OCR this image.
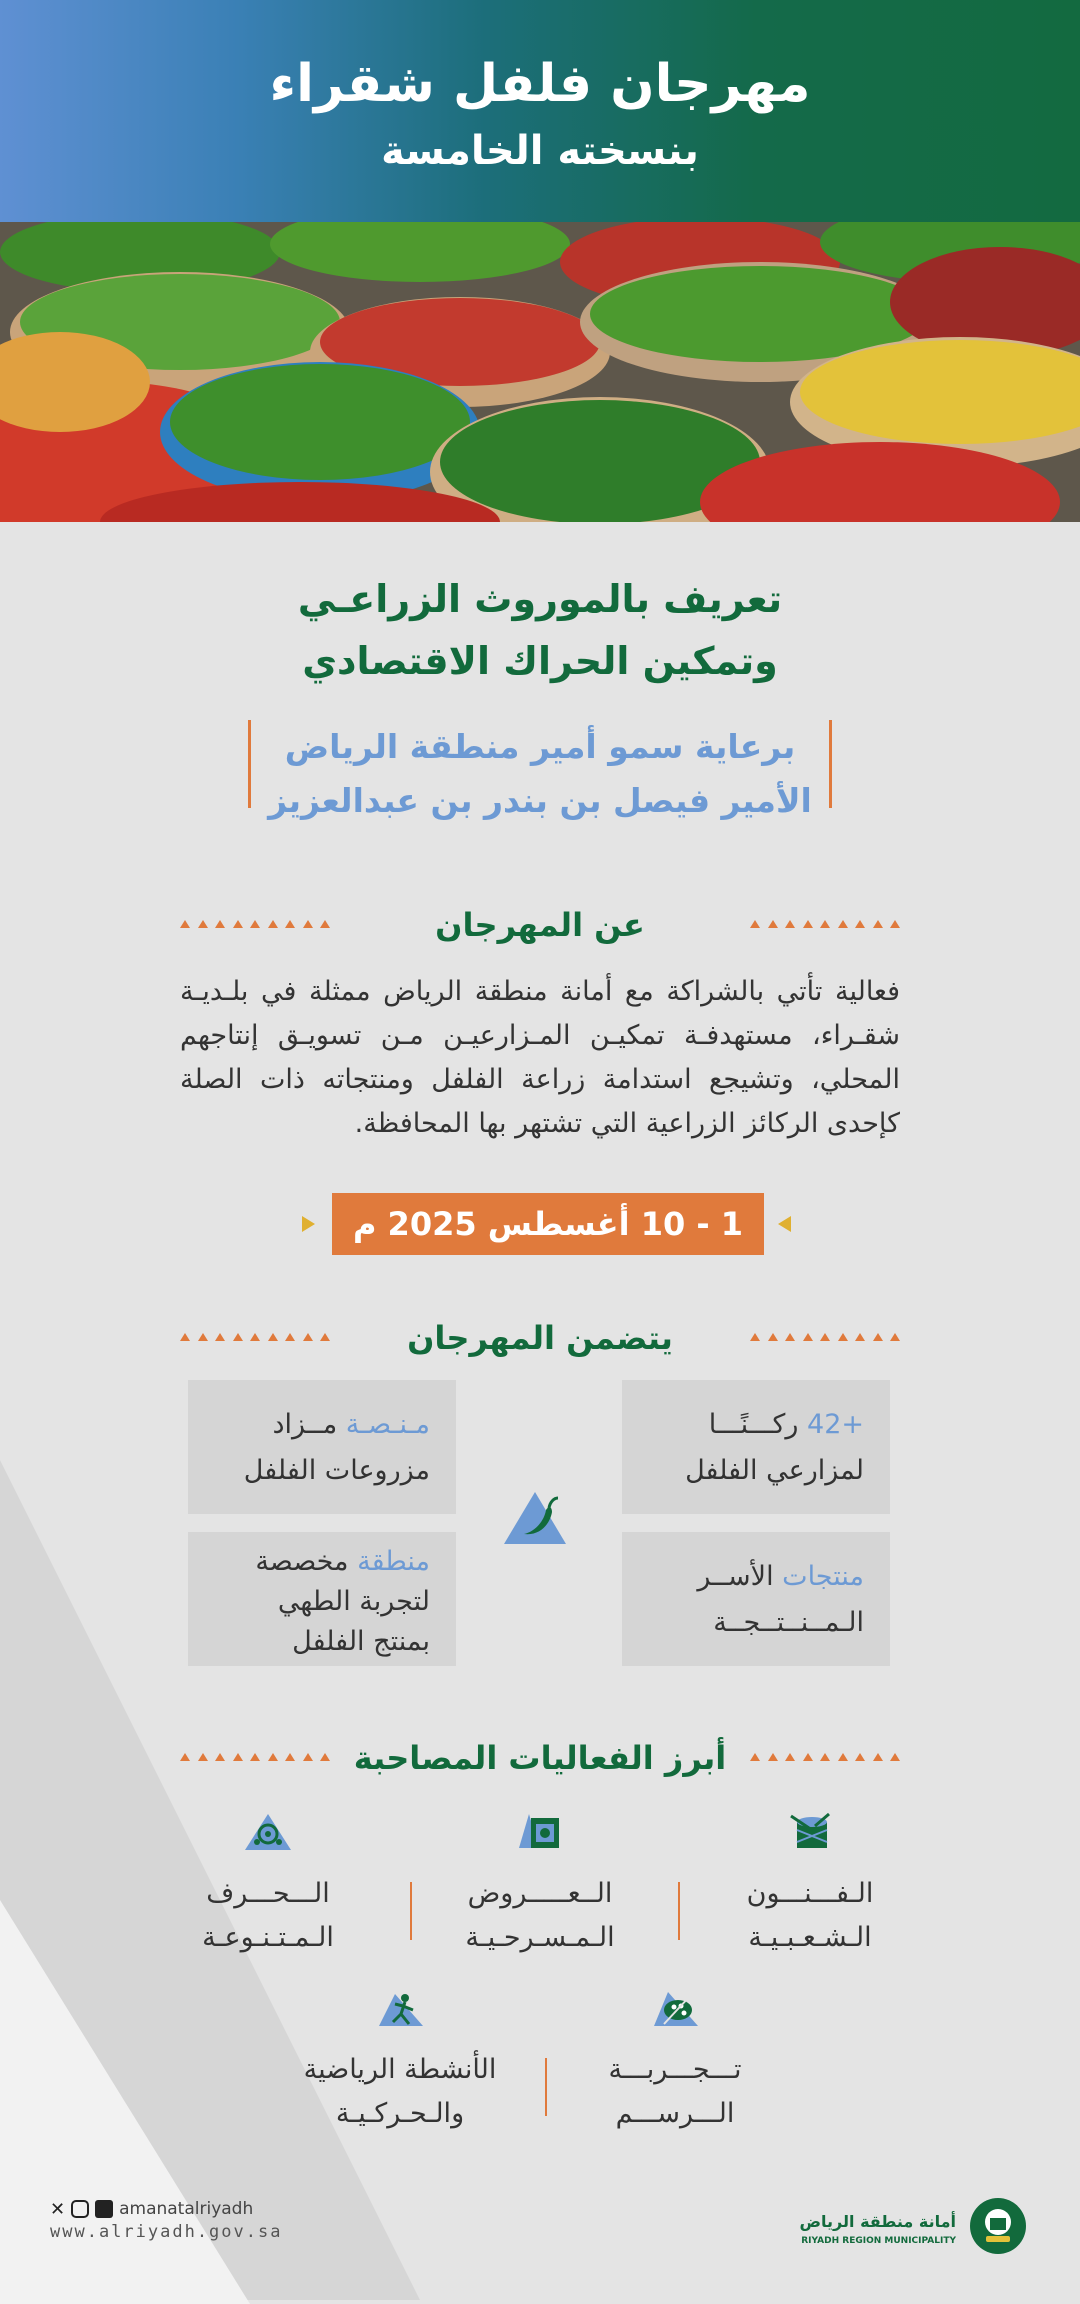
مهرجان فلفل شقراء
بنسخته الخامسة
تعريف بالموروث الزراعـي
وتمكين الحراك الاقتصادي
برعاية سمو أمير منطقة الرياض
الأمير فيصل بن بندر بن عبدالعزيز
عن المهرجان
فعالية تأتي بالشراكة مع أمانة منطقة الرياض ممثلة في بلـديـة شقـراء، مستهدفـة تمكيـن المـزارعيـن مـن تسويـق إنتاجهم المحلي، وتشيجع استدامة زراعة الفلفل ومنتجاته ذات الصلة كإحدى الركائز الزراعية التي تشتهر بها المحافظة.
1 - 10 أغسطس 2025 م
يتضمن المهرجان
+42 ركـــنًـــا
لمزارعي الفلفل
مـنـصـة مــزاد
مزروعات الفلفل
منتجات الأســر
الـمــنــتــجــة
منطقة مخصصة
لتجربة الطهي
بمنتج الفلفل
أبرز الفعاليات المصاحبة
الـفـــنـــون
الـشـعـبـيـة
الــعـــــروض
الـمـسـرحـيـة
الـــحـــرف
الـمـتـنـوعـة
تـــجـــربـــة
الـــرســـم
الأنشطة الرياضية
والـحـركـيـة
أمانة منطقة الرياض
RIYADH REGION MUNICIPALITY
✕	amanatalriyadh
www.alriyadh.gov.sa
